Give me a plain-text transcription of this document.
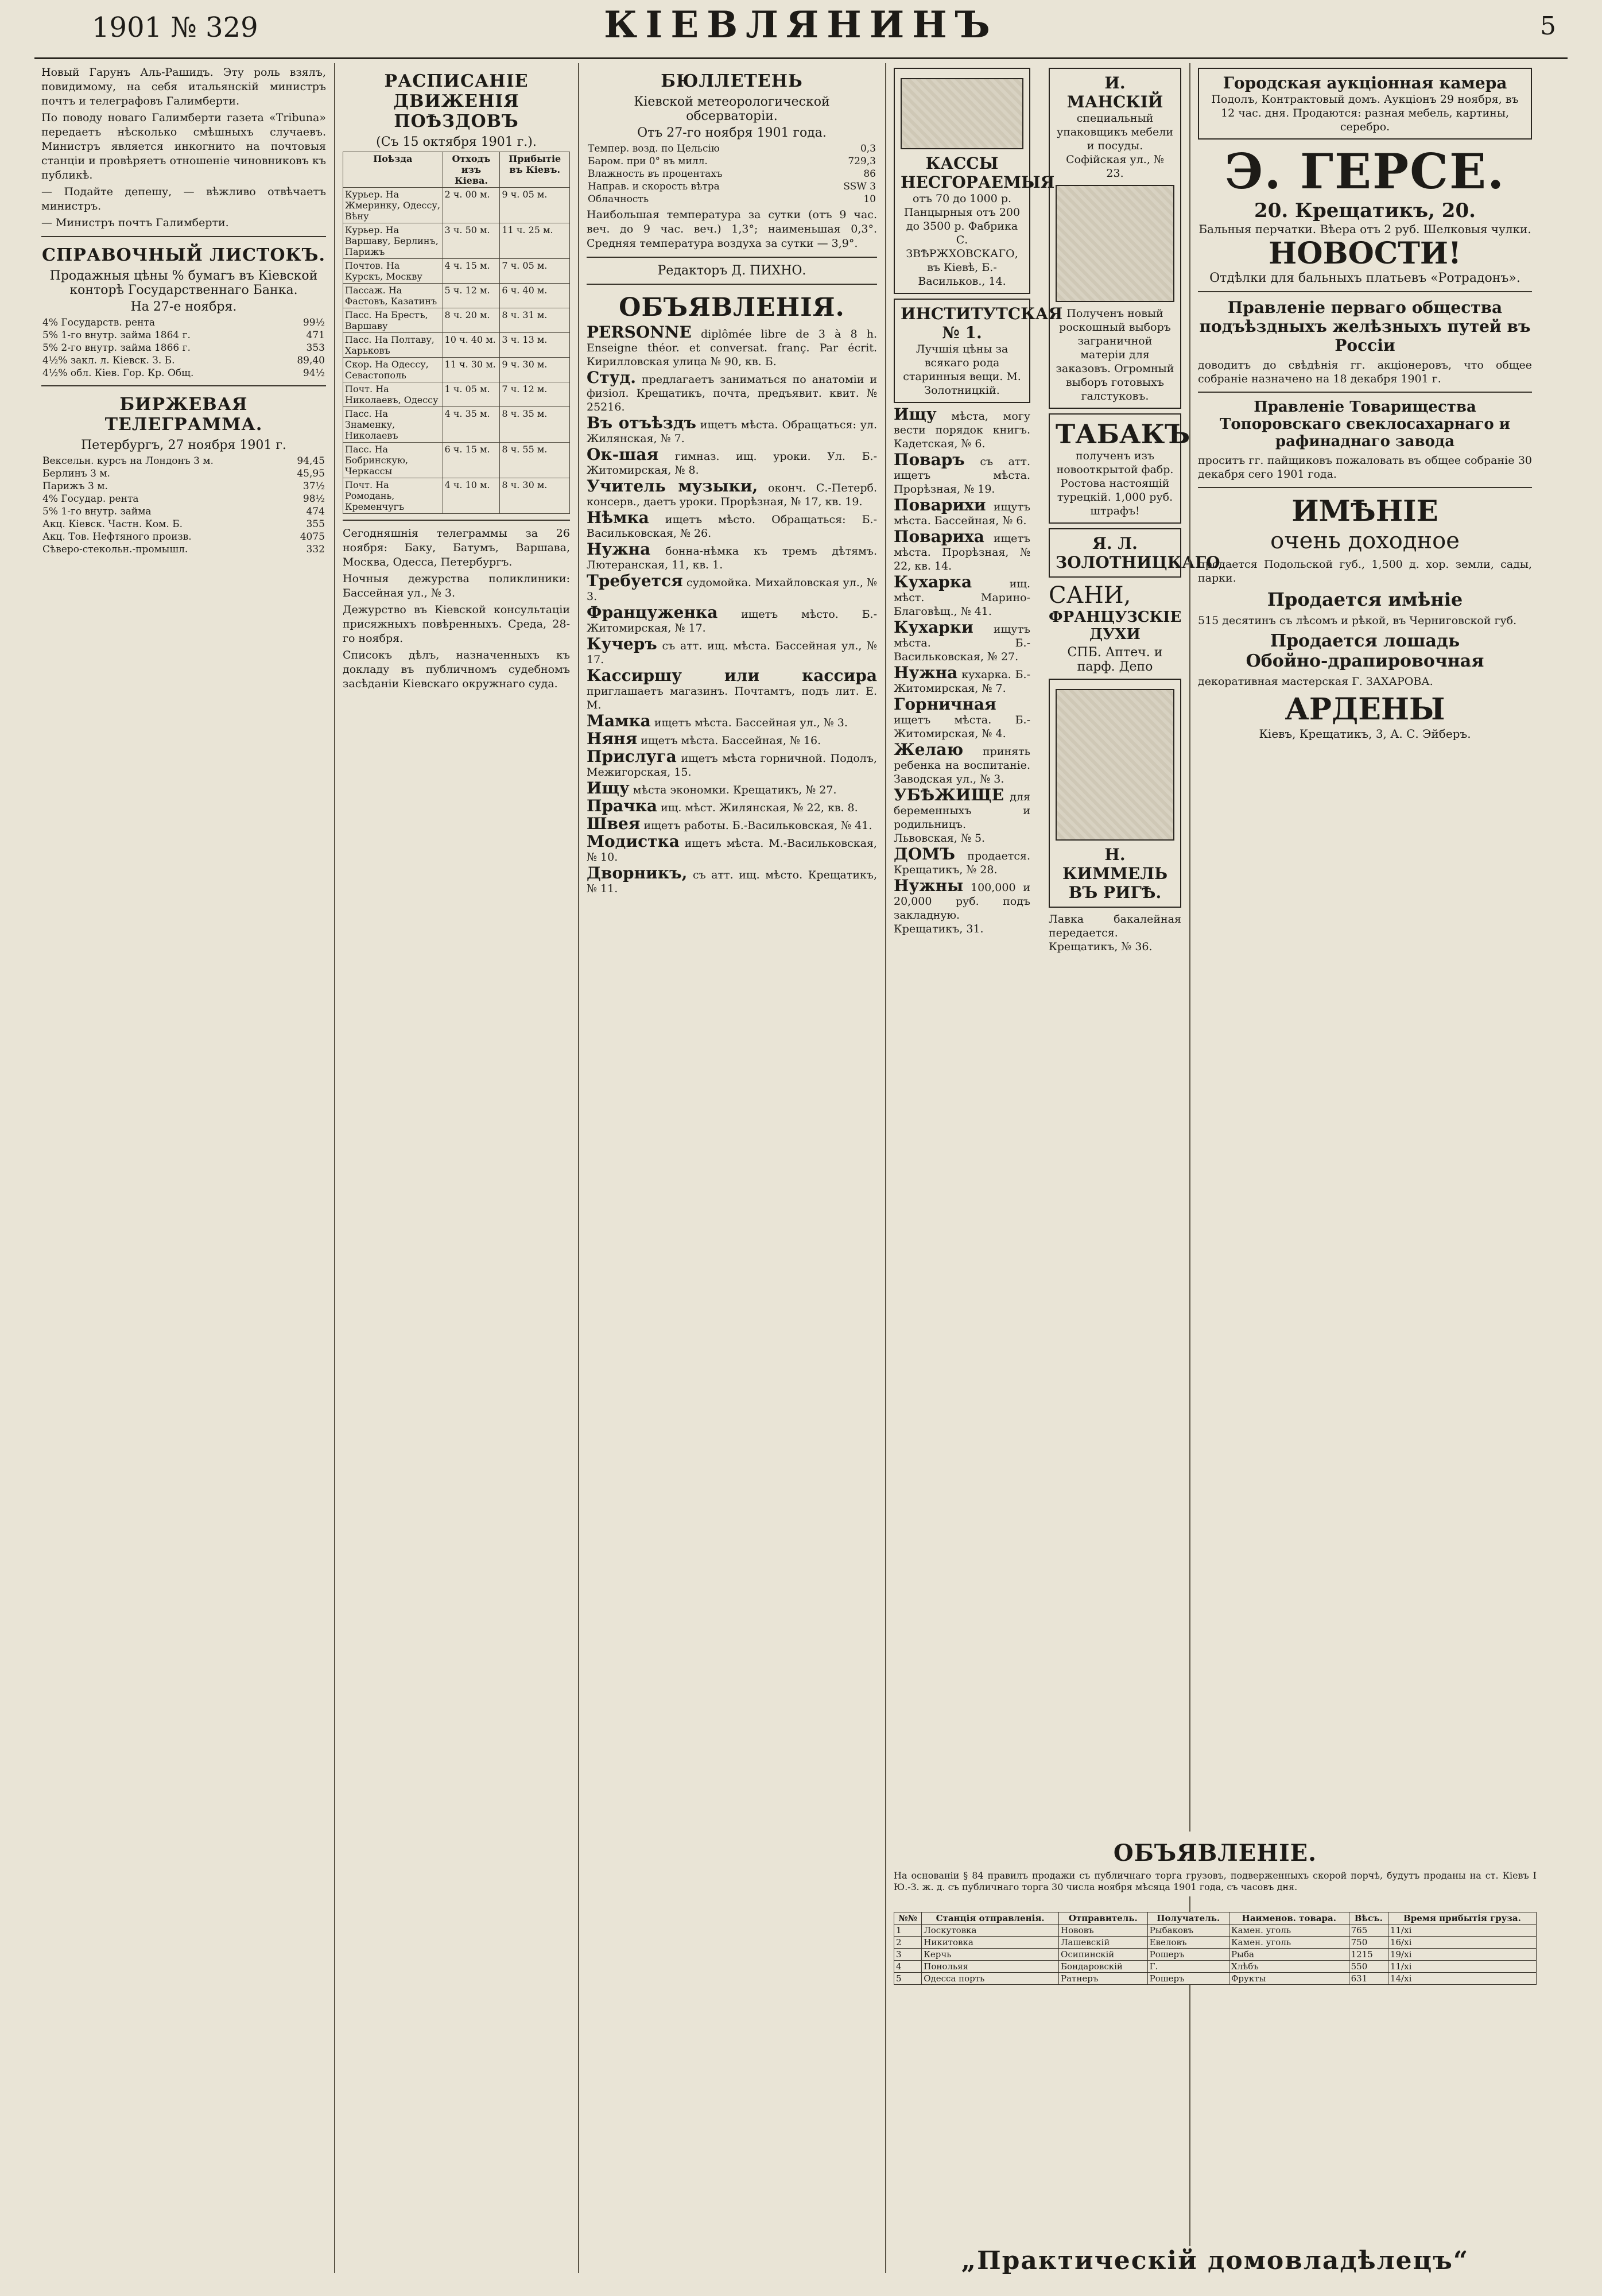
1901 № 329	КІЕВЛЯНИНЪ	5

Новый Гарунъ Аль-Рашидъ. Эту роль взялъ, повидимому, на себя итальянскій министръ почтъ и телеграфовъ Галимберти.

По поводу новаго Галимберти газета «Tribuna» передаетъ нѣсколько смѣшныхъ случаевъ. Министръ является инкогнито на почтовыя станціи и провѣряетъ отношеніе чиновниковъ къ публикѣ.

— Подайте депешу, — вѣжливо отвѣчаетъ министръ.

— Министръ почтъ Галимберти.

СПРАВОЧНЫЙ ЛИСТОКЪ.
Продажныя цѣны % бумагъ въ Кіевской конторѣ Государственнаго Банка.
На 27-е ноября.
4% Государств. рента	99½
5% 1-го внутр. займа 1864 г.	471
5% 2-го внутр. займа 1866 г.	353
4½% закл. л. Кіевск. З. Б.	89,40
4½% обл. Кіев. Гор. Кр. Общ.	94½
БИРЖЕВАЯ ТЕЛЕГРАММА.
Петербургъ, 27 ноября 1901 г.
Вексельн. курсъ на Лондонъ 3 м.	94,45
Берлинъ 3 м.	45,95
Парижъ 3 м.	37½
4% Государ. рента	98½
5% 1-го внутр. займа	474
Акц. Кіевск. Частн. Ком. Б.	355
Акц. Тов. Нефтяного произв.	4075
Сѣверо-стекольн.-промышл.	332
РАСПИСАНІЕ ДВИЖЕНІЯ ПОѢЗДОВЪ
(Съ 15 октября 1901 г.).
Поѣзда	Отходъ изъ Кіева.	Прибытіе въ Кіевъ.
Курьер. На Жмеринку, Одессу, Вѣну	2 ч. 00 м.	9 ч. 05 м.
Курьер. На Варшаву, Берлинъ, Парижъ	3 ч. 50 м.	11 ч. 25 м.
Почтов. На Курскъ, Москву	4 ч. 15 м.	7 ч. 05 м.
Пассаж. На Фастовъ, Казатинъ	5 ч. 12 м.	6 ч. 40 м.
Пасс. На Брестъ, Варшаву	8 ч. 20 м.	8 ч. 31 м.
Пасс. На Полтаву, Харьковъ	10 ч. 40 м.	3 ч. 13 м.
Скор. На Одессу, Севастополь	11 ч. 30 м.	9 ч. 30 м.
Почт. На Николаевъ, Одессу	1 ч. 05 м.	7 ч. 12 м.
Пасс. На Знаменку, Николаевъ	4 ч. 35 м.	8 ч. 35 м.
Пасс. На Бобринскую, Черкассы	6 ч. 15 м.	8 ч. 55 м.
Почт. На Ромодань, Кременчугъ	4 ч. 10 м.	8 ч. 30 м.

Сегодняшнія телеграммы за 26 ноября: Баку, Батумъ, Варшава, Москва, Одесса, Петербургъ.

Ночныя дежурства поликлиники: Бассейная ул., № 3.

Дежурство въ Кіевской консультаціи присяжныхъ повѣренныхъ. Среда, 28-го ноября.

Списокъ дѣлъ, назначенныхъ къ докладу въ публичномъ судебномъ засѣданіи Кіевскаго окружнаго суда.

БЮЛЛЕТЕНЬ
Кіевской метеорологической обсерваторіи.
Отъ 27-го ноября 1901 года.
Темпер. возд. по Цельсію	0,3
Баром. при 0° въ милл.	729,3
Влажность въ процентахъ	86
Направ. и скорость вѣтра	SSW 3
Облачность	10

Наибольшая температура за сутки (отъ 9 час. веч. до 9 час. веч.) 1,3°; наименьшая 0,3°. Средняя температура воздуха за сутки — 3,9°.

Редакторъ Д. ПИХНО.
ОБЪЯВЛЕНІЯ.

PERSONNE diplômée libre de 3 à 8 h. Enseigne théor. et conversat. franç. Par écrit. Кирилловская улица № 90, кв. Б.

Студ. предлагаетъ заниматься по анатоміи и физіол. Крещатикъ, почта, предъявит. квит. № 25216.

Въ отъѣздъ ищетъ мѣста. Обращаться: ул. Жилянская, № 7.

Ок-шая гимназ. ищ. уроки. Ул. Б.-Житомирская, № 8.

Учитель музыки, оконч. С.-Петерб. консерв., даетъ уроки. Прорѣзная, № 17, кв. 19.

Нѣмка ищетъ мѣсто. Обращаться: Б.-Васильковская, № 26.

Нужна бонна-нѣмка къ тремъ дѣтямъ. Лютеранская, 11, кв. 1.

Требуется судомойка. Михайловская ул., № 3.

Француженка ищетъ мѣсто. Б.-Житомирская, № 17.

Кучеръ съ атт. ищ. мѣста. Бассейная ул., № 17.

Кассиршу или кассира приглашаетъ магазинъ. Почтамтъ, подъ лит. Е. М.

Мамка ищетъ мѣста. Бассейная ул., № 3.

Няня ищетъ мѣста. Бассейная, № 16.

Прислуга ищетъ мѣста горничной. Подолъ, Межигорская, 15.

Ищу мѣста экономки. Крещатикъ, № 27.

Прачка ищ. мѣст. Жилянская, № 22, кв. 8.

Швея ищетъ работы. Б.-Васильковская, № 41.

Модистка ищетъ мѣста. М.-Васильковская, № 10.

Дворникъ, съ атт. ищ. мѣсто. Крещатикъ, № 11.

КАССЫ НЕСГОРАЕМЫЯ
отъ 70 до 1000 р. Панцырныя отъ 200 до 3500 р. Фабрика С. ЗВѢРЖХОВСКАГО, въ Кіевѣ, Б.-Васильков., 14.
ИНСТИТУТСКАЯ № 1.
Лучшія цѣны за всякаго рода старинныя вещи. М. Золотницкій.

Ищу мѣста, могу вести порядок книгъ. Кадетская, № 6.

Поваръ съ атт. ищетъ мѣста. Прорѣзная, № 19.

Поварихи ищутъ мѣста. Бассейная, № 6.

Повариха ищетъ мѣста. Прорѣзная, № 22, кв. 14.

Кухарка	ищ. мѣст. Марино-Благовѣщ., № 41.

Кухарки ищутъ мѣста. Б.-Васильковская, № 27.

Нужна кухарка. Б.-Житомирская, № 7.

Горничная ищетъ мѣста. Б.-Житомирская, № 4.

Желаю принять ребенка на воспитаніе. Заводская ул., № 3.

УБѢЖИЩЕ для беременныхъ и родильницъ. Львовская, № 5.

ДОМЪ продается. Крещатикъ, № 28.

Нужны 100,000 и 20,000 руб. подъ закладную. Крещатикъ, 31.

И. МАНСКІЙ
специальный упаковщикъ мебели и посуды. Софійская ул., № 23.
Полученъ новый роскошный выборъ заграничной матеріи для заказовъ. Огромный выборъ готовыхъ галстуковъ.
ТАБАКЪ
полученъ изъ новооткрытой фабр. Ростова настоящій турецкій. 1,000 руб. штрафъ!
Я. Л. ЗОЛОТНИЦКАГО
САНИ,
ФРАНЦУЗСКІЕ ДУХИ
СПБ. Аптеч. и парф. Депо
Н. КИММЕЛЬ ВЪ РИГѢ.

Лавка бакалейная передается. Крещатикъ, № 36.

Городская аукціонная камера
Подолъ, Контрактовый домъ. Аукціонъ 29 ноября, въ 12 час. дня. Продаются: разная мебель, картины, серебро.
Э. ГЕРСЕ.
20. Крещатикъ, 20.
Бальныя перчатки. Вѣера отъ 2 руб. Шелковыя чулки.
НОВОСТИ!
Отдѣлки для бальныхъ платьевъ «Ротрадонъ».
Правленіе перваго общества подъѣздныхъ желѣзныхъ путей въ Россіи

доводитъ до свѣдѣнія гг. акціонеровъ, что общее собраніе назначено на 18 декабря 1901 г.

Правленіе Товарищества Топоровскаго свеклосахарнаго и рафинаднаго завода

проситъ гг. пайщиковъ пожаловать въ общее собраніе 30 декабря сего 1901 года.

ИМѢНІЕ
очень доходное

продается Подольской губ., 1,500 д. хор. земли, сады, парки.

Продается имѣніе

515 десятинъ съ лѣсомъ и рѣкой, въ Черниговской губ.

Продается лошадь
Обойно-драпировочная

декоративная мастерская Г. ЗАХАРОВА.

АРДЕНЫ
Кіевъ, Крещатикъ, 3, А. С. Эйберъ.
ОБЪЯВЛЕНІЕ.

На основаніи § 84 правилъ продажи съ публичнаго торга грузовъ, подверженныхъ скорой порчѣ, будутъ проданы на ст. Кіевъ I Ю.-З. ж. д. съ публичнаго торга 30 числа ноября мѣсяца 1901 года, съ часовъ дня.

№№	Станція отправленія.	Отправитель.	Получатель.	Наименов. товара.	Вѣсъ.	Время прибытія груза.
1	Лоскутовка	Нововъ	Рыбаковъ	Камен. уголь	765	11/xi
2	Никитовка	Лашевскій	Евеловъ	Камен. уголь	750	16/xi
3	Керчь	Осипинскій	Рошеръ	Рыба	1215	19/xi
4	Понольяя	Бондаровскій	Г.	Хлѣбъ	550	11/xi
5	Одесса порть	Ратнеръ	Рошеръ	Фрукты	631	14/xi
„Практическій домовладѣлецъ“
